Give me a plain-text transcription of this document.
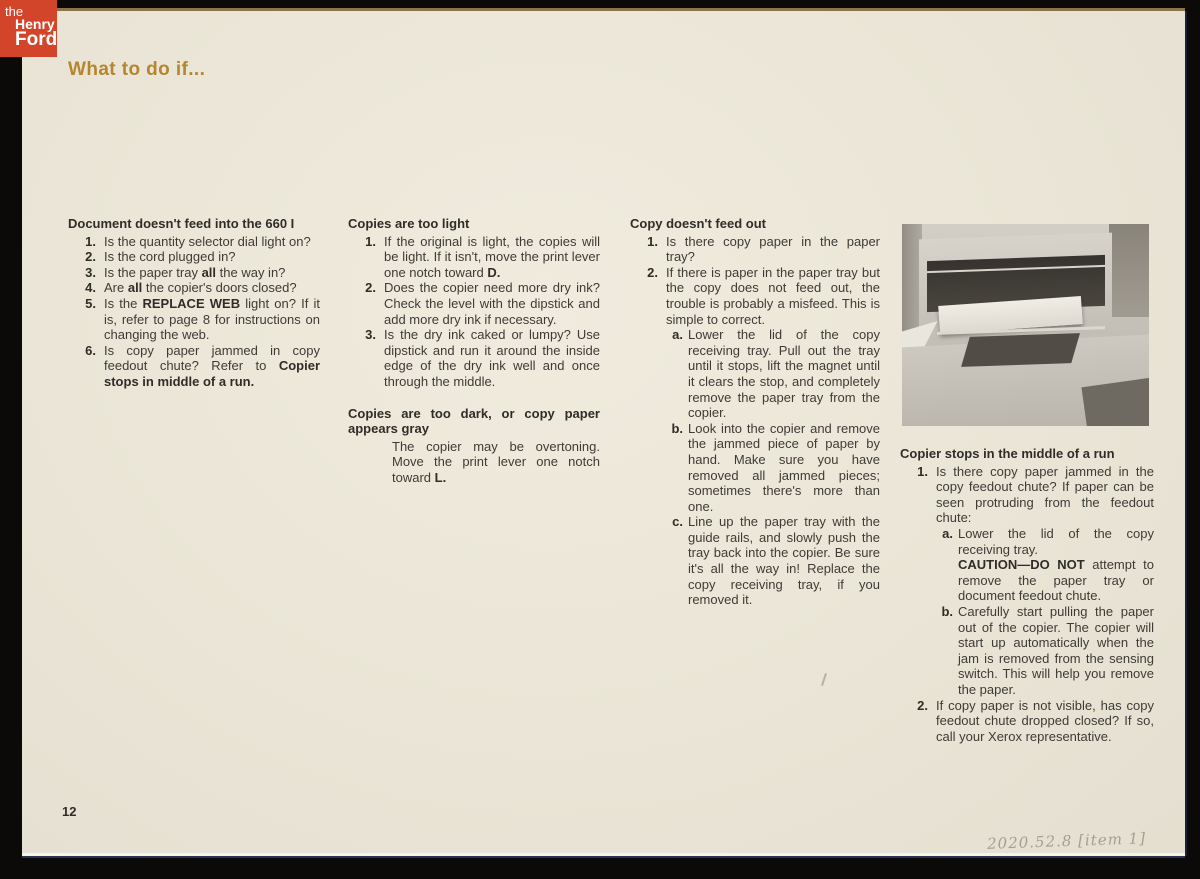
What to do if...
Document doesn't feed into the 660 I
1. Is the quantity selector dial light on?
2. Is the cord plugged in?
3. Is the paper tray all the way in?
4. Are all the copier's doors closed?
5. Is the REPLACE WEB light on? If it is, refer to page 8 for instructions on changing the web.
6. Is copy paper jammed in copy feedout chute? Refer to Copier stops in middle of a run.
Copies are too light
1. If the original is light, the copies will be light. If it isn't, move the print lever one notch toward D.
2. Does the copier need more dry ink? Check the level with the dipstick and add more dry ink if necessary.
3. Is the dry ink caked or lumpy? Use dipstick and run it around the inside edge of the dry ink well and once through the middle.
Copies are too dark, or copy paper appears gray
The copier may be overtoning. Move the print lever one notch toward L.
Copy doesn't feed out
1. Is there copy paper in the paper tray?
2. If there is paper in the paper tray but the copy does not feed out, the trouble is probably a misfeed. This is simple to correct.
a. Lower the lid of the copy receiving tray. Pull out the tray until it stops, lift the magnet until it clears the stop, and completely remove the paper tray from the copier.
b. Look into the copier and remove the jammed piece of paper by hand. Make sure you have removed all jammed pieces; sometimes there's more than one.
c. Line up the paper tray with the guide rails, and slowly push the tray back into the copier. Be sure it's all the way in! Replace the copy receiving tray, if you removed it.
Copier stops in the middle of a run
1. Is there copy paper jammed in the copy feedout chute? If paper can be seen protruding from the feedout chute:
a. Lower the lid of the copy receiving tray.
CAUTION—DO NOT attempt to remove the paper tray or document feedout chute.
b. Carefully start pulling the paper out of the copier. The copier will start up automatically when the jam is removed from the sensing switch. This will help you remove the paper.
2. If copy paper is not visible, has copy feedout chute dropped closed? If so, call your Xerox representative.
12
2020.52.8 [item 1]
the
Henry
Ford
